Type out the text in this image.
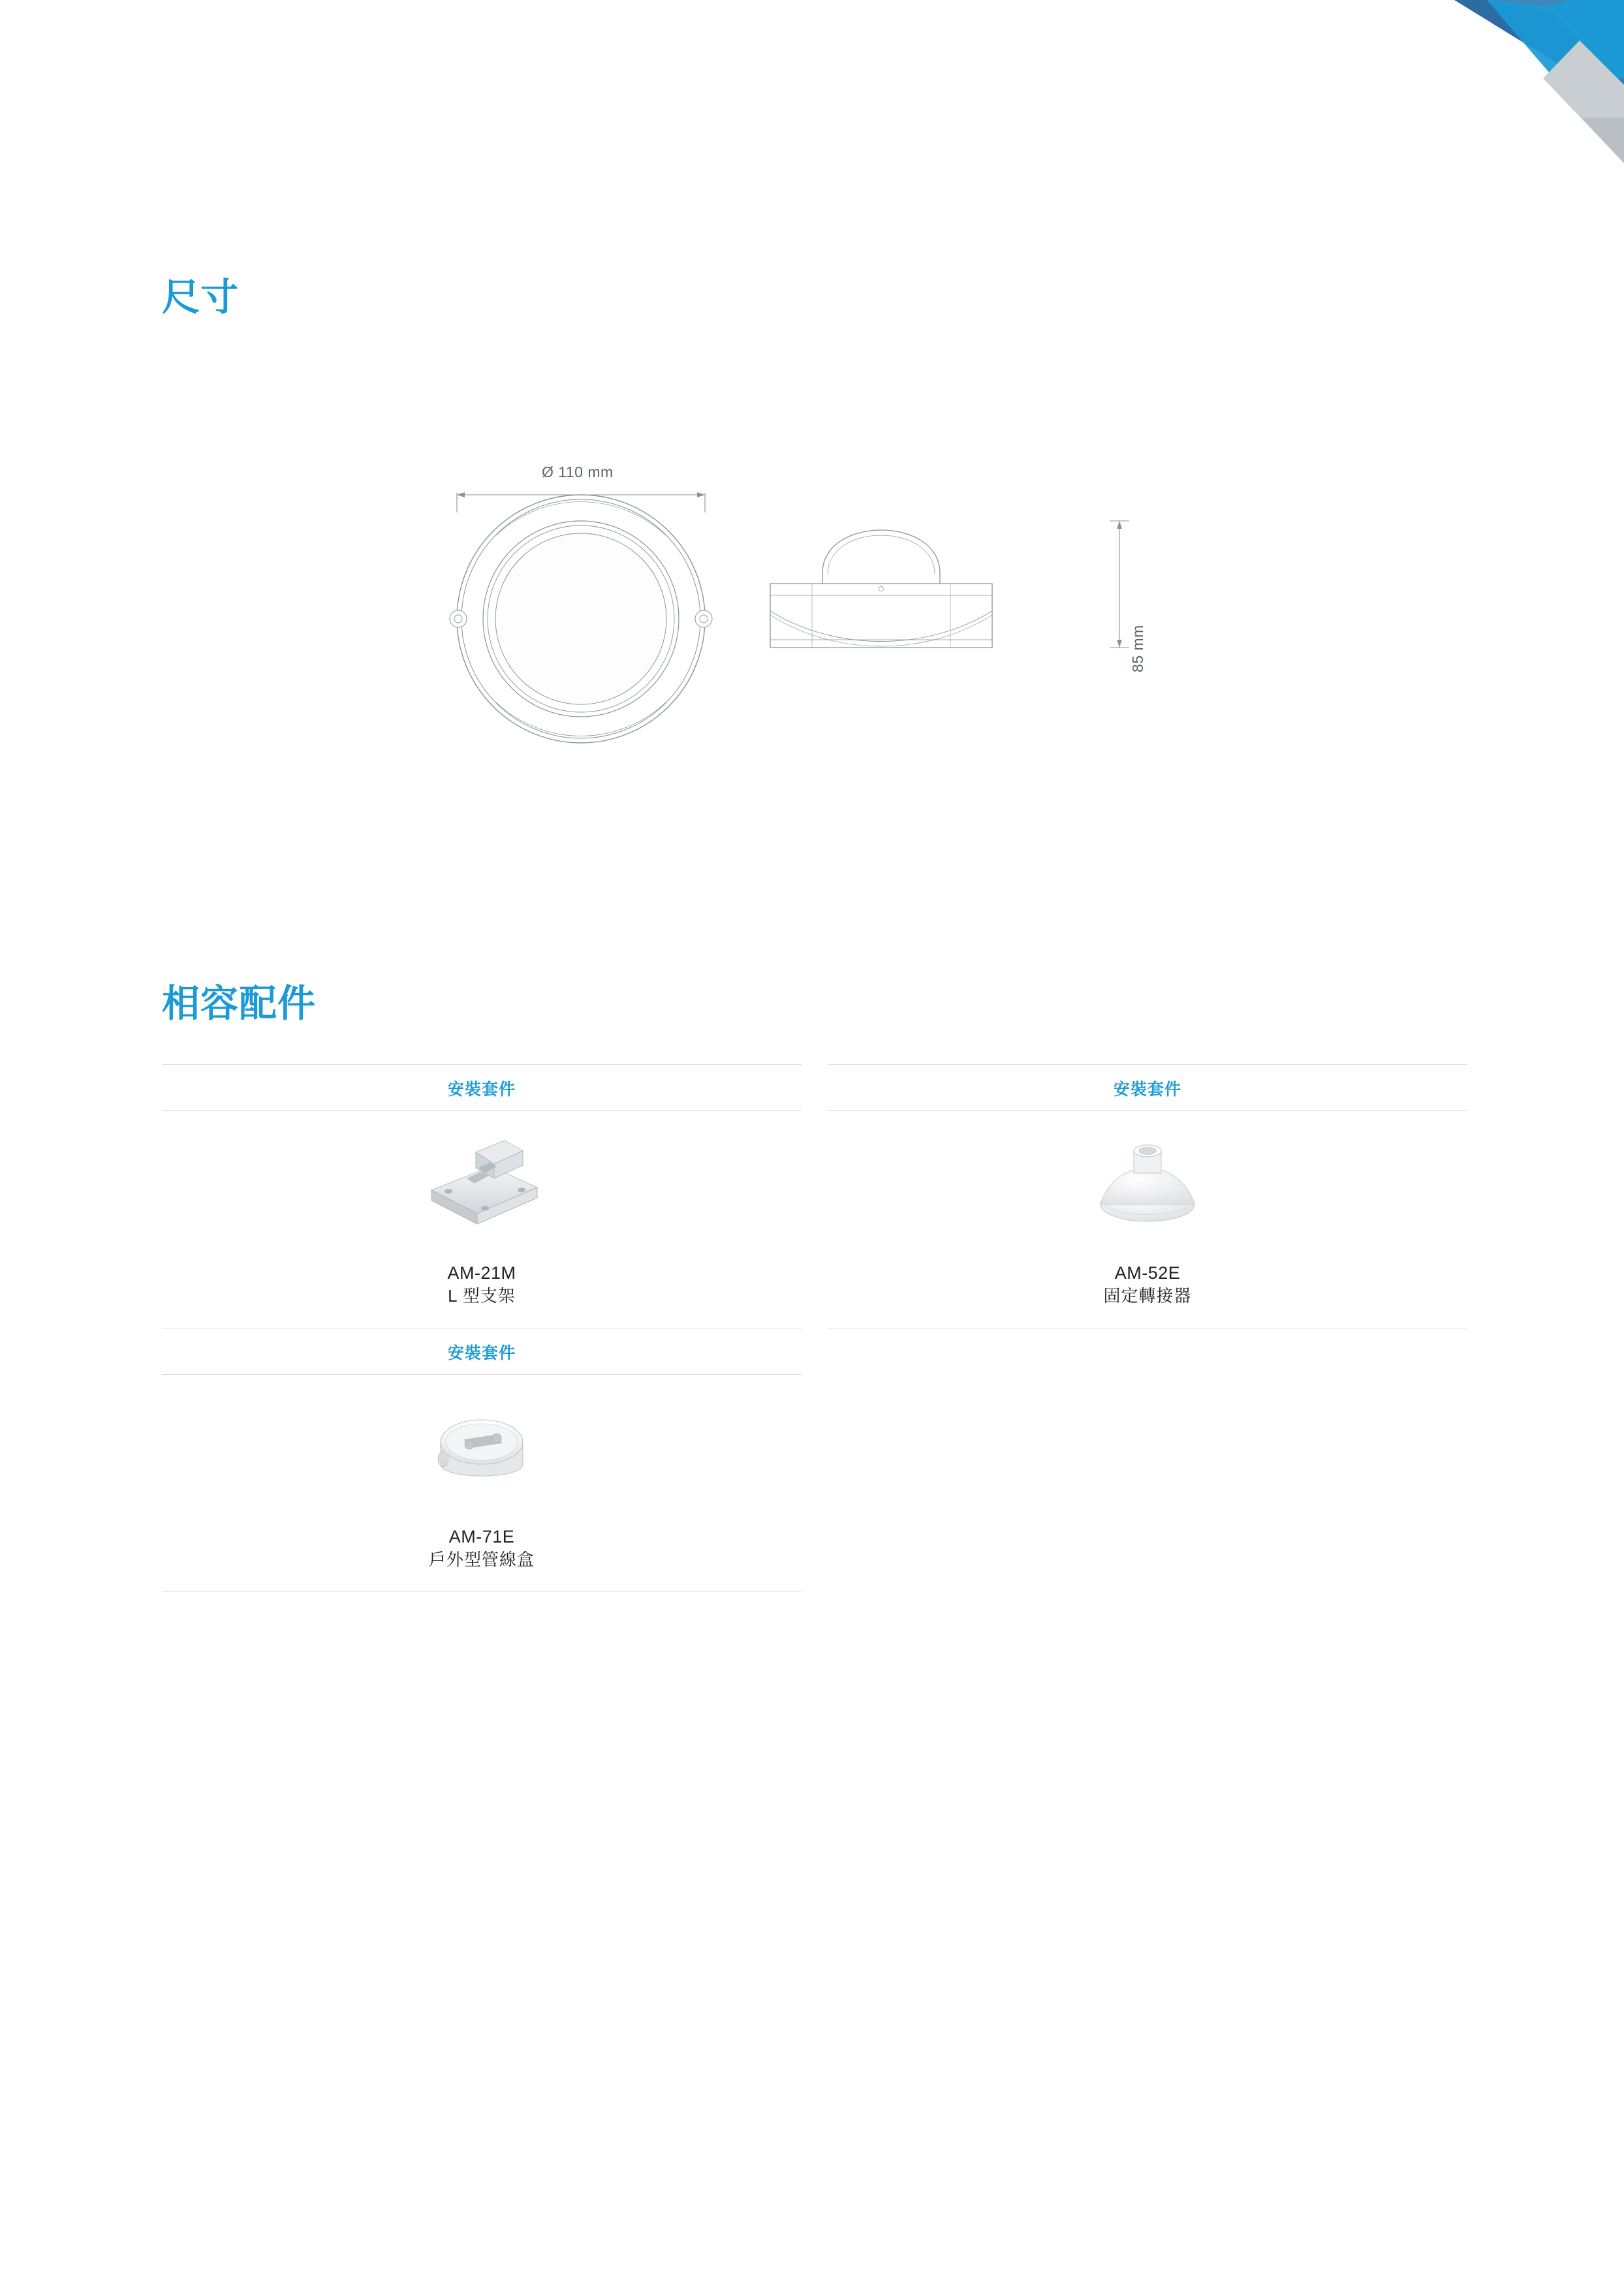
尺寸
Ø 110 mm
85 mm
相容配件
安裝套件
AM-21M
L 型支架
安裝套件
AM-71E
戶外型管線盒
安裝套件
AM-52E
固定轉接器
